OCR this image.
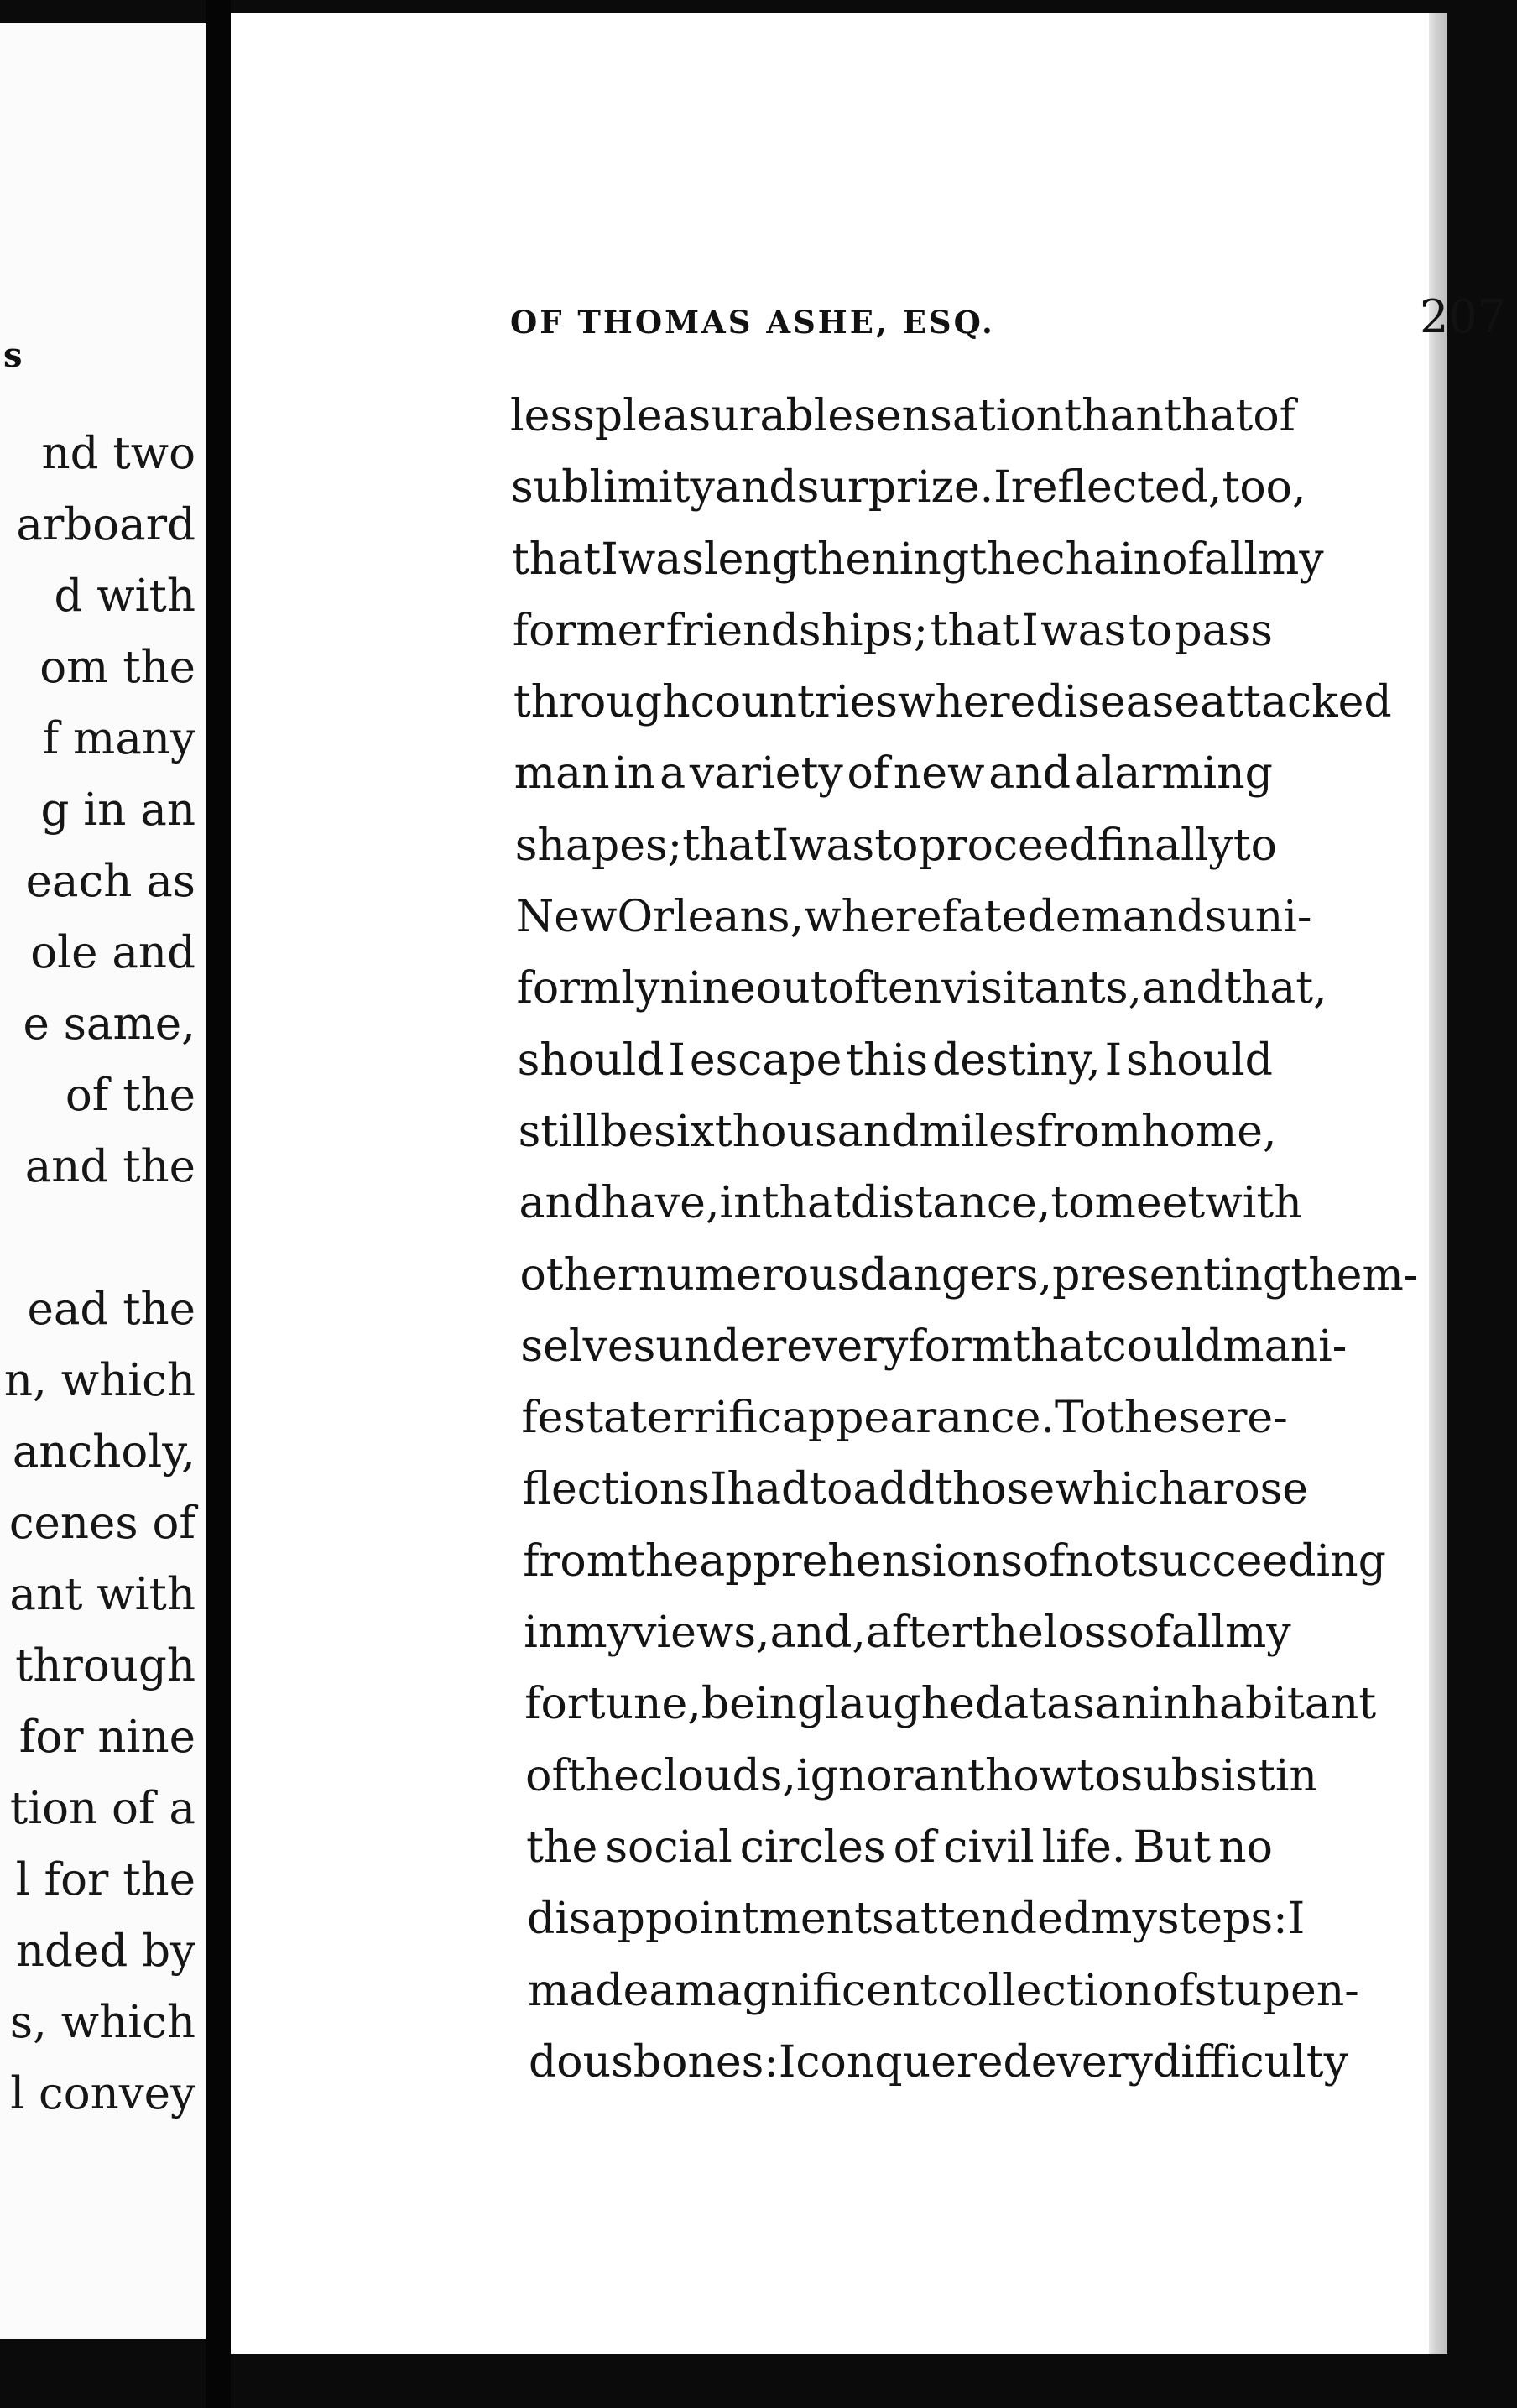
s
nd two
arboard
d with
om the
f many
g in an
each as
ole and
e same,
of the
and the
ead the
n, which
ancholy,
cenes of
ant with
through
for nine
tion of a
l for the
nded by
s, which
l convey
OF THOMAS ASHE, ESQ.	207
less pleasurable sensation than that of
sublimity and surprize. I reflected, too,
that I was lengthening the chain of all my
former friendships; that I was to pass
through countries where disease attacked
man in a variety of new and alarming
shapes; that I was to proceed finally to
New Orleans, where fate demands uni-
formly nine out of ten visitants, and that,
should I escape this destiny, I should
still be six thousand miles from home,
and have, in that distance, to meet with
other numerous dangers, presenting them-
selves under every form that could mani-
fest a terrific appearance. To these re-
flections I had to add those which arose
from the apprehensions of not succeeding
in my views, and, after the loss of all my
fortune, being laughed at as an inhabitant
of the clouds, ignorant how to subsist in
the social circles of civil life. But no
disappointments attended my steps: I
made a magnificent collection of stupen-
dous bones: I conquered every difficulty
